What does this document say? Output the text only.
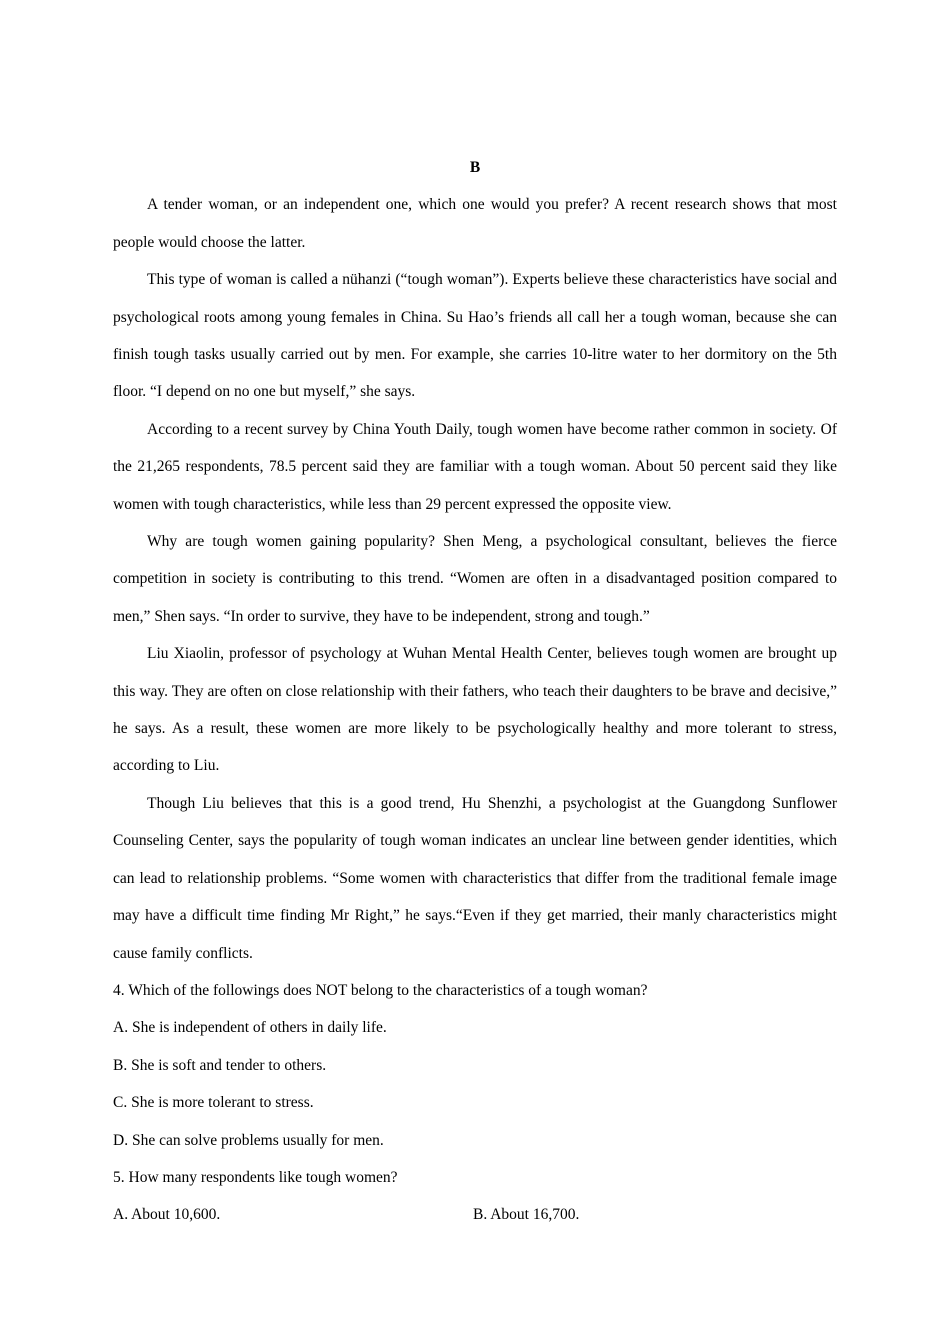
B

A tender woman, or an independent one, which one would you prefer? A recent research shows that most people would choose the latter.

This type of woman is called a nühanzi (“tough woman”). Experts believe these characteristics have social and psychological roots among young females in China. Su Hao’s friends all call her a tough woman, because she can finish tough tasks usually carried out by men. For example, she carries 10-litre water to her dormitory on the 5th floor. “I depend on no one but myself,” she says.

According to a recent survey by China Youth Daily, tough women have become rather common in society. Of the 21,265 respondents, 78.5 percent said they are familiar with a tough woman. About 50 percent said they like women with tough characteristics, while less than 29 percent expressed the opposite view.

Why are tough women gaining popularity? Shen Meng, a psychological consultant, believes the fierce competition in society is contributing to this trend. “Women are often in a disadvantaged position compared to men,” Shen says. “In order to survive, they have to be independent, strong and tough.”

Liu Xiaolin, professor of psychology at Wuhan Mental Health Center, believes tough women are brought up this way. They are often on close relationship with their fathers, who teach their daughters to be brave and decisive,” he says. As a result, these women are more likely to be psychologically healthy and more tolerant to stress, according to Liu.

Though Liu believes that this is a good trend, Hu Shenzhi, a psychologist at the Guangdong Sunflower Counseling Center, says the popularity of tough woman indicates an unclear line between gender identities, which can lead to relationship problems. “Some women with characteristics that differ from the traditional female image may have a difficult time finding Mr Right,” he says.“Even if they get married, their manly characteristics might cause family conflicts.

4. Which of the followings does NOT belong to the characteristics of a tough woman?

A. She is independent of others in daily life.

B. She is soft and tender to others.

C. She is more tolerant to stress.

D. She can solve problems usually for men.

5. How many respondents like tough women?

A. About 10,600.	B. About 16,700.
